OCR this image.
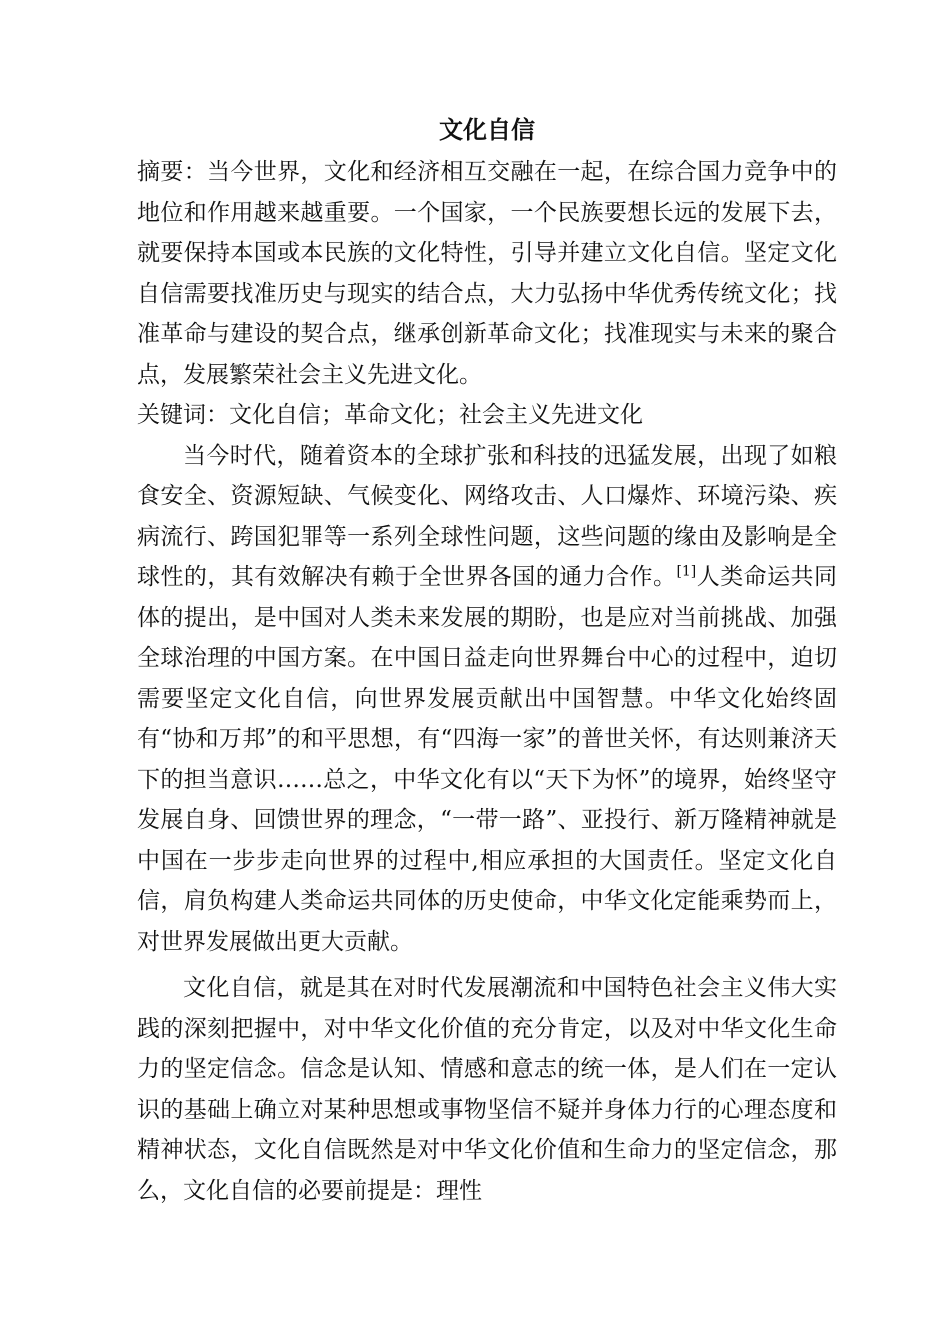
文化自信

摘要：当今世界，文化和经济相互交融在一起，在综合国力竞争中的地位和作用越来越重要。一个国家，一个民族要想长远的发展下去，就要保持本国或本民族的文化特性，引导并建立文化自信。坚定文化自信需要找准历史与现实的结合点，大力弘扬中华优秀传统文化；找准革命与建设的契合点，继承创新革命文化；找准现实与未来的聚合点，发展繁荣社会主义先进文化。

关键词：文化自信；革命文化；社会主义先进文化

当今时代，随着资本的全球扩张和科技的迅猛发展，出现了如粮食安全、资源短缺、气候变化、网络攻击、人口爆炸、环境污染、疾病流行、跨国犯罪等一系列全球性问题，这些问题的缘由及影响是全球性的，其有效解决有赖于全世界各国的通力合作。[1]人类命运共同体的提出，是中国对人类未来发展的期盼，也是应对当前挑战、加强全球治理的中国方案。在中国日益走向世界舞台中心的过程中，迫切需要坚定文化自信，向世界发展贡献出中国智慧。中华文化始终固有“协和万邦”的和平思想，有“四海一家”的普世关怀，有达则兼济天下的担当意识……总之，中华文化有以“天下为怀”的境界，始终坚守发展自身、回馈世界的理念，“一带一路”、亚投行、新万隆精神就是中国在一步步走向世界的过程中,相应承担的大国责任。坚定文化自信，肩负构建人类命运共同体的历史使命，中华文化定能乘势而上，对世界发展做出更大贡献。

文化自信，就是其在对时代发展潮流和中国特色社会主义伟大实践的深刻把握中，对中华文化价值的充分肯定，以及对中华文化生命力的坚定信念。信念是认知、情感和意志的统一体，是人们在一定认识的基础上确立对某种思想或事物坚信不疑并身体力行的心理态度和精神状态，文化自信既然是对中华文化价值和生命力的坚定信念，那么，文化自信的必要前提是：理性
